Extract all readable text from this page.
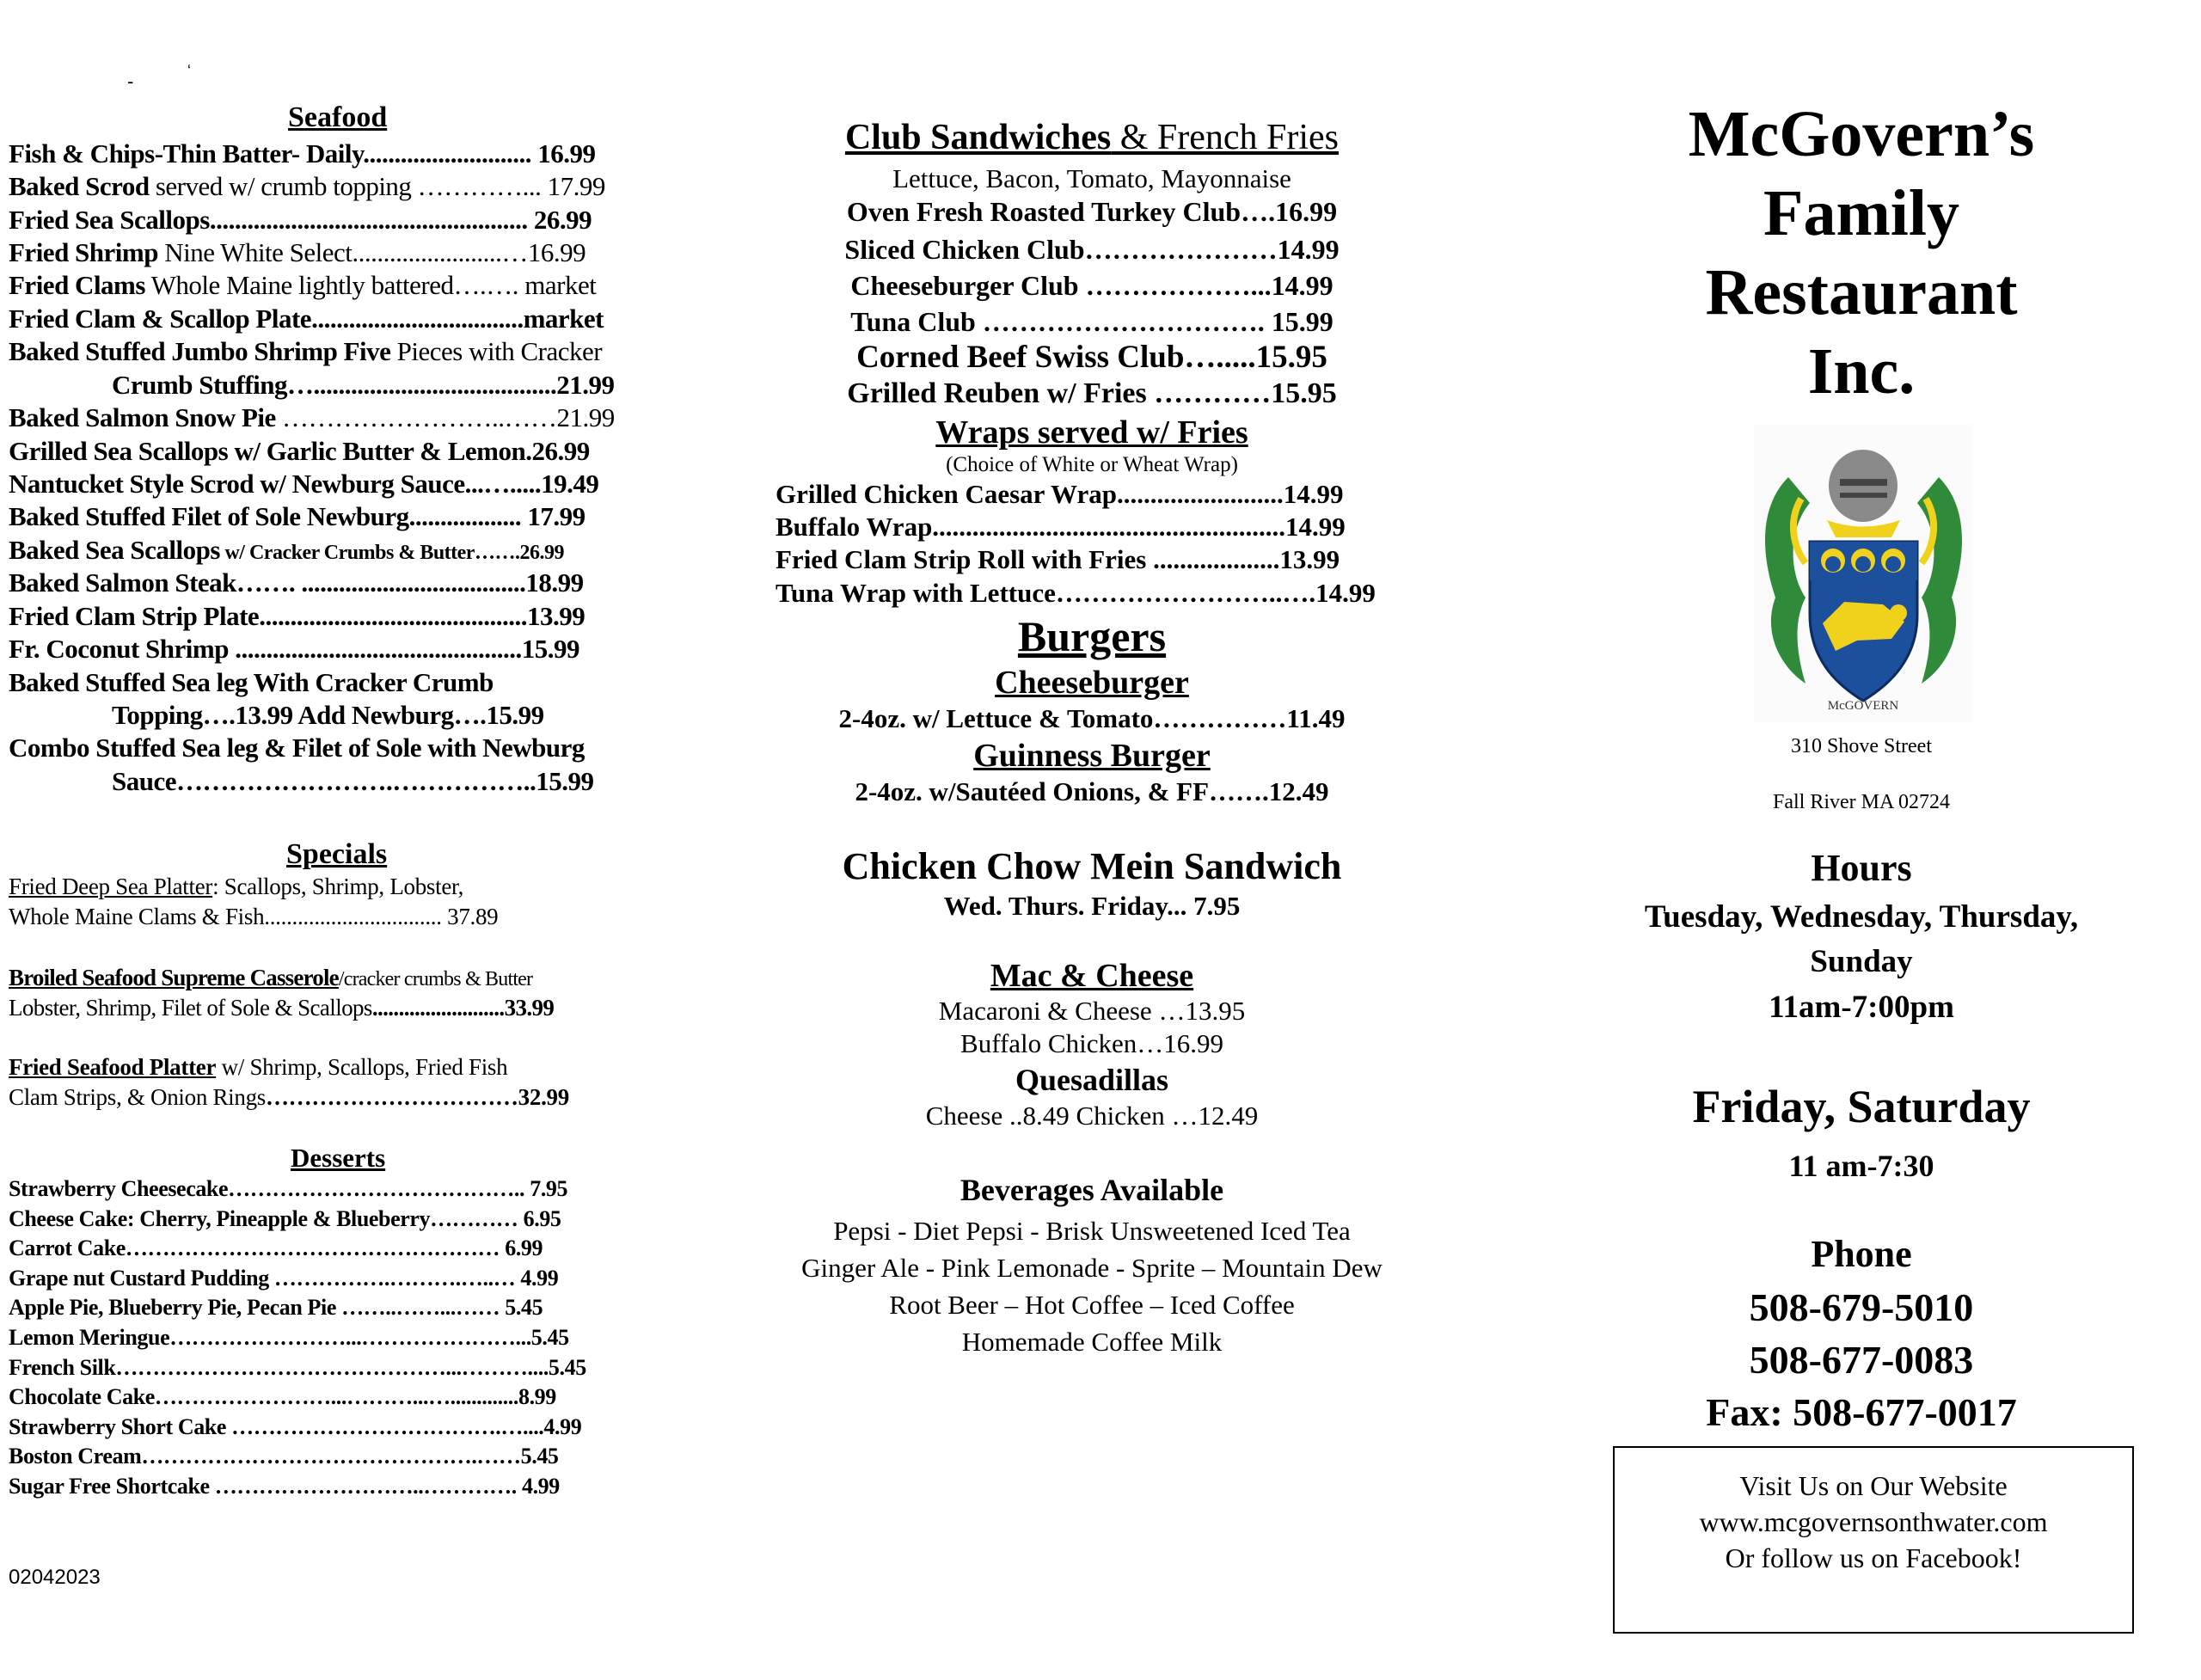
-	‘
Seafood
Fish & Chips-Thin Batter- Daily........................... 16.99
Baked Scrod served w/ crumb topping …………... 17.99
Fried Sea Scallops................................................... 26.99
Fried Shrimp Nine White Select........................…16.99
Fried Clams Whole Maine lightly battered….…. market
Fried Clam & Scallop Plate..................................market
Baked Stuffed Jumbo Shrimp Five Pieces with Cracker
Crumb Stuffing….......................................21.99
Baked Salmon Snow Pie ……………………..……21.99
Grilled Sea Scallops w/ Garlic Butter & Lemon.26.99
Nantucket Style Scrod w/ Newburg Sauce...….....19.49
Baked Stuffed Filet of Sole Newburg.................. 17.99
Baked Sea Scallops w/ Cracker Crumbs & Butter…….26.99
Baked Salmon Steak……. ....................................18.99
Fried Clam Strip Plate...........................................13.99
Fr. Coconut Shrimp ..............................................15.99
Baked Stuffed Sea leg With Cracker Crumb
Topping….13.99 Add Newburg….15.99
Combo Stuffed Sea leg & Filet of Sole with Newburg
Sauce…………………….……………..15.99
Specials
Fried Deep Sea Platter: Scallops, Shrimp, Lobster,
Whole Maine Clams & Fish................................ 37.89
Broiled Seafood Supreme Casserole/cracker crumbs & Butter
Lobster, Shrimp, Filet of Sole & Scallops.........................33.99
Fried Seafood Platter w/ Shrimp, Scallops, Fried Fish
Clam Strips, & Onion Rings……………………………32.99
Desserts
Strawberry Cheesecake………………………………….. 7.95
Cheese Cake: Cherry, Pineapple & Blueberry………… 6.95
Carrot Cake…………………………………………… 6.99
Grape nut Custard Pudding …………….……….…..… 4.99
Apple Pie, Blueberry Pie, Pecan Pie ……..……...…… 5.45
Lemon Meringue……………………...…………………...5.45
French Silk………………………………………...………....5.45
Chocolate Cake……………………...………...….............8.99
Strawberry Short Cake ……………………………….…....4.99
Boston Cream……………………………………….……5.45
Sugar Free Shortcake ………………………..…………. 4.99
02042023
Club Sandwiches & French Fries
Lettuce, Bacon, Tomato, Mayonnaise
Oven Fresh Roasted Turkey Club….16.99
Sliced Chicken Club…………………14.99
Cheeseburger Club ………………...14.99
Tuna Club …………………………. 15.99
Corned Beef Swiss Club….....15.95
Grilled Reuben w/ Fries …………15.95
Wraps served w/ Fries
(Choice of White or Wheat Wrap)
Grilled Chicken Caesar Wrap.........................14.99
Buffalo Wrap.....................................................14.99
Fried Clam Strip Roll with Fries ...................13.99
Tuna Wrap with Lettuce……………………..….14.99
Burgers
Cheeseburger
2-4oz. w/ Lettuce & Tomato……………11.49
Guinness Burger
2-4oz. w/Sautéed Onions, & FF…….12.49
Chicken Chow Mein Sandwich
Wed. Thurs. Friday... 7.95
Mac & Cheese
Macaroni & Cheese …13.95
Buffalo Chicken…16.99
Quesadillas
Cheese ..8.49 Chicken …12.49
Beverages Available
Pepsi - Diet Pepsi - Brisk Unsweetened Iced Tea
Ginger Ale - Pink Lemonade - Sprite – Mountain Dew
Root Beer – Hot Coffee – Iced Coffee
Homemade Coffee Milk
McGovern’s
Family
Restaurant
Inc.
McGOVERN
310 Shove Street
Fall River MA 02724
Hours
Tuesday, Wednesday, Thursday,
Sunday
11am-7:00pm
Friday, Saturday
11 am-7:30
Phone
508-679-5010
508-677-0083
Fax: 508-677-0017
Visit Us on Our Website
www.mcgovernsonthwater.com
Or follow us on Facebook!
